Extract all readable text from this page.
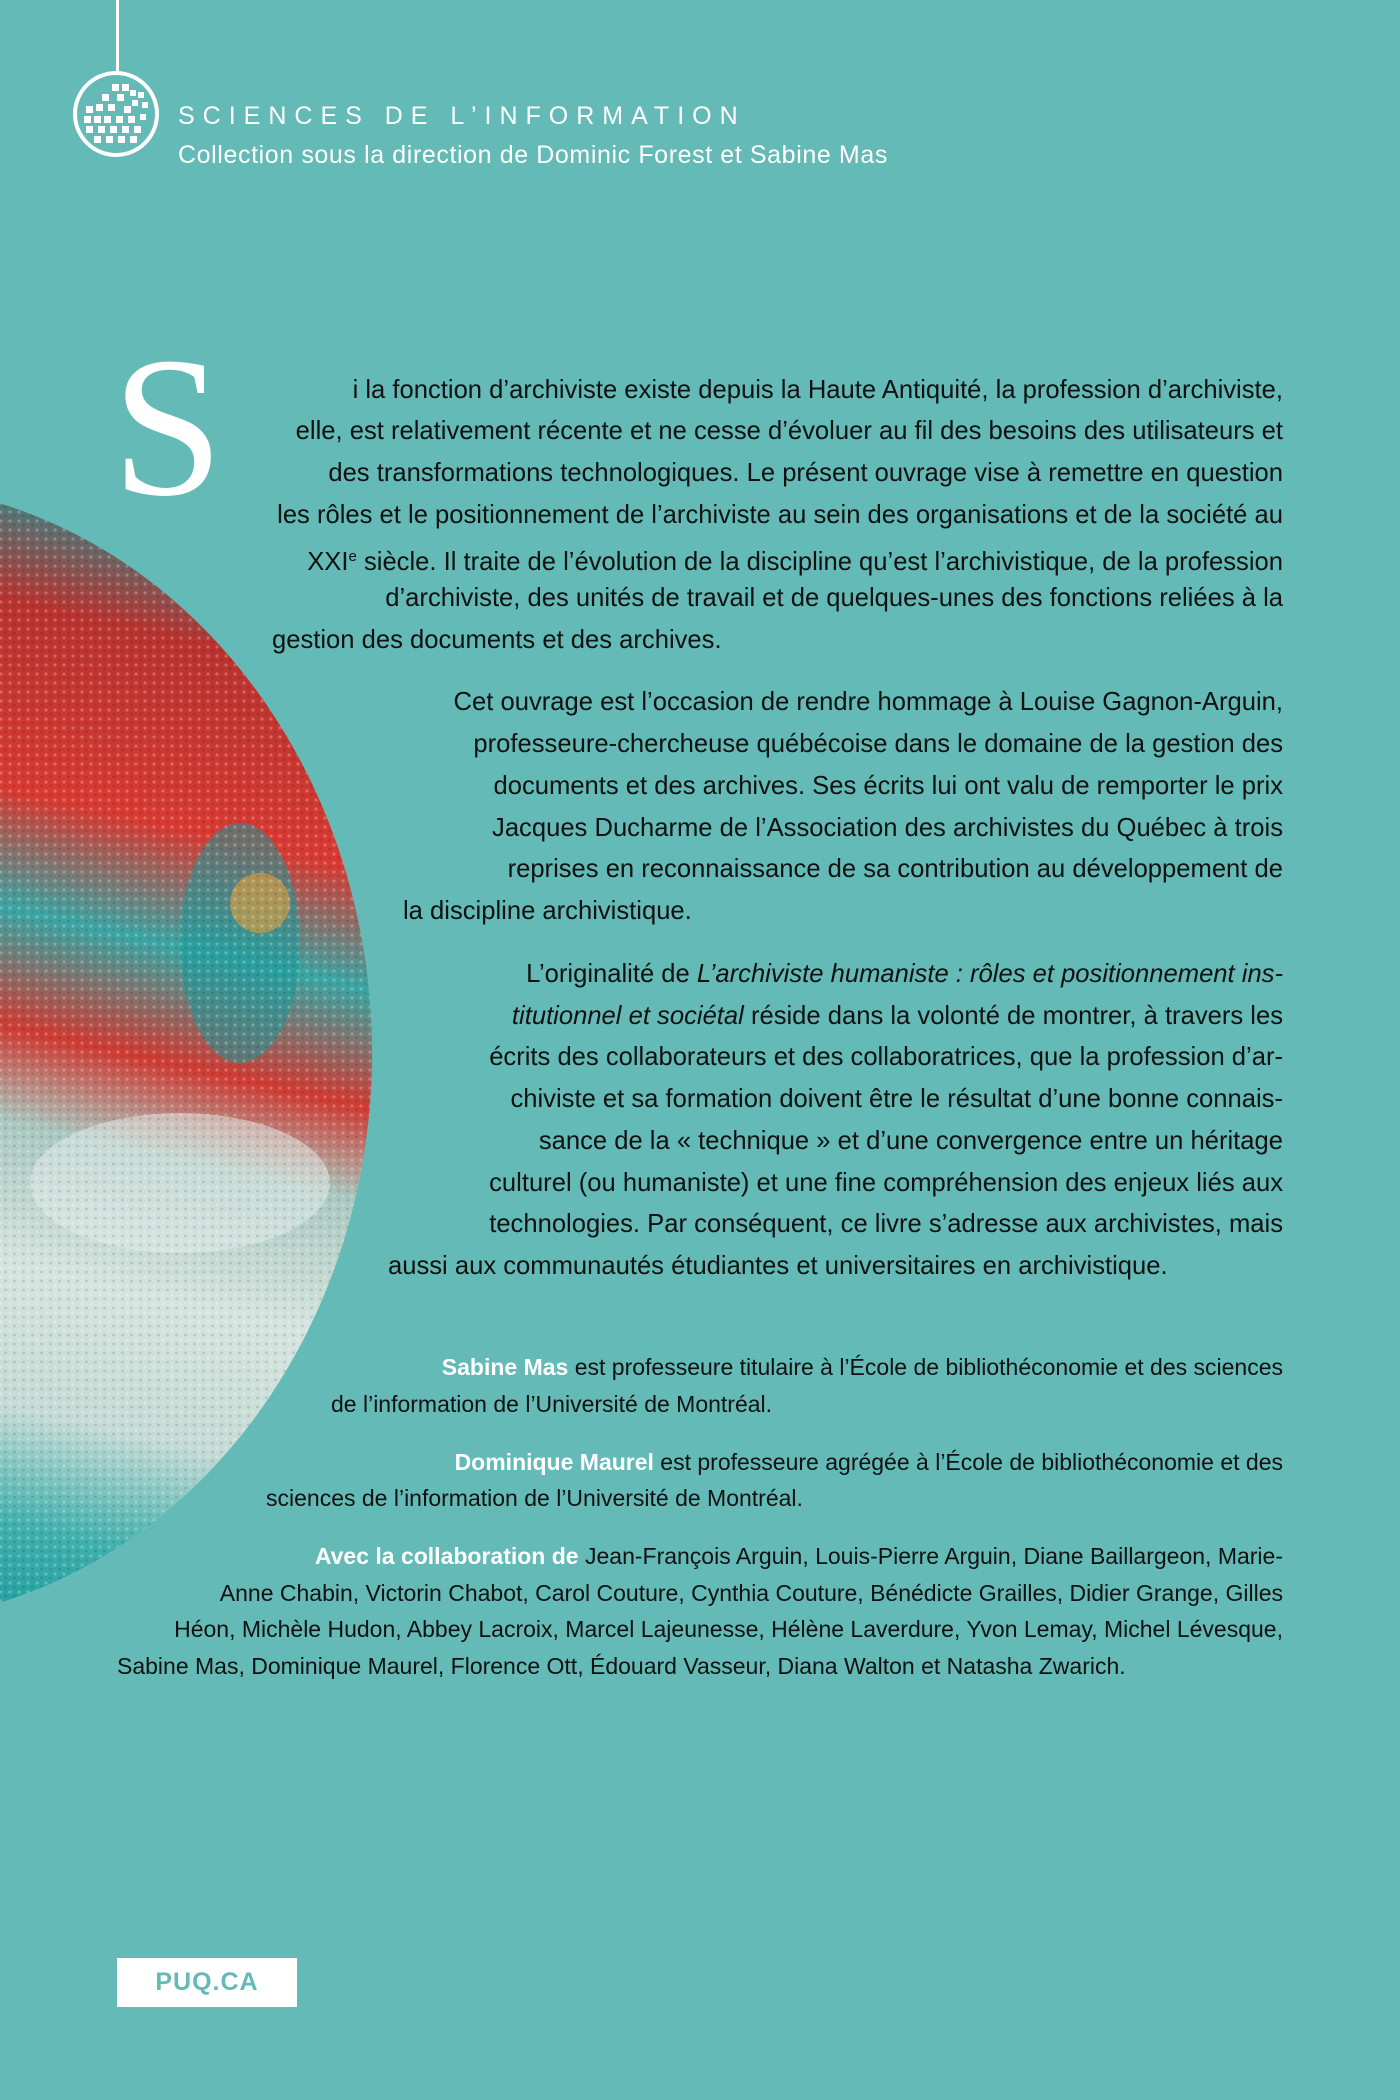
SCIENCES DE L’INFORMATION
Collection sous la direction de Dominic Forest et Sabine Mas
S	i la fonction d’archiviste existe depuis la Haute Antiquité, la profession d’archiviste,
elle, est relativement récente et ne cesse d’évoluer au fil des besoins des utilisateurs et
des transformations technologiques. Le présent ouvrage vise à remettre en question
les rôles et le positionnement de l’archiviste au sein des organisations et de la société au
XXIe siècle. Il traite de l’évolution de la discipline qu’est l’archivistique, de la profession
d’archiviste, des unités de travail et de quelques-unes des fonctions reliées à la
gestion des documents et des archives.
Cet ouvrage est l’occasion de rendre hommage à Louise Gagnon-Arguin,
professeure-chercheuse québécoise dans le domaine de la gestion des
documents et des archives. Ses écrits lui ont valu de remporter le prix
Jacques Ducharme de l’Association des archivistes du Québec à trois
reprises en reconnaissance de sa contribution au développement de
la discipline archivistique.
L’originalité de L’archiviste humaniste : rôles et positionnement ins-
titutionnel et sociétal réside dans la volonté de montrer, à travers les
écrits des collaborateurs et des collaboratrices, que la profession d’ar-
chiviste et sa formation doivent être le résultat d’une bonne connais-
sance de la « technique » et d’une convergence entre un héritage
culturel (ou humaniste) et une fine compréhension des enjeux liés aux
technologies. Par conséquent, ce livre s’adresse aux archivistes, mais
aussi aux communautés étudiantes et universitaires en archivistique.
Sabine Mas est professeure titulaire à l’École de bibliothéconomie et des sciences
de l’information de l’Université de Montréal.
Dominique Maurel est professeure agrégée à l’École de bibliothéconomie et des
sciences de l’information de l’Université de Montréal.
Avec la collaboration de Jean-François Arguin, Louis-Pierre Arguin, Diane Baillargeon, Marie-
Anne Chabin, Victorin Chabot, Carol Couture, Cynthia Couture, Bénédicte Grailles, Didier Grange, Gilles
Héon, Michèle Hudon, Abbey Lacroix, Marcel Lajeunesse, Hélène Laverdure, Yvon Lemay, Michel Lévesque,
Sabine Mas, Dominique Maurel, Florence Ott, Édouard Vasseur, Diana Walton et Natasha Zwarich.
PUQ.CA
